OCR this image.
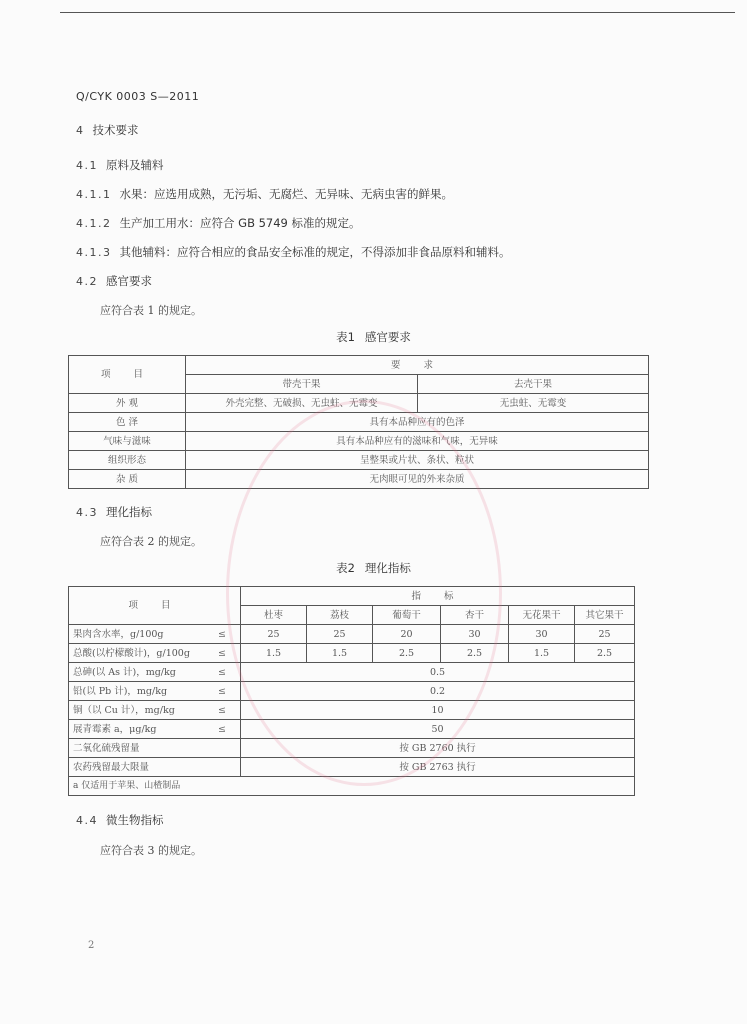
Q/CYK 0003 S—2011
4 技术要求
4.1 原料及辅料
4.1.1 水果：应选用成熟，无污垢、无腐烂、无异味、无病虫害的鲜果。
4.1.2 生产加工用水：应符合 GB 5749 标准的规定。
4.1.3 其他辅料：应符合相应的食品安全标准的规定，不得添加非食品原料和辅料。
4.2 感官要求
应符合表 1 的规定。
表1 感官要求
项 目	要 求	
	带壳干果	去壳干果
外 观	外壳完整、无破损、无虫蛀、无霉变	无虫蛀、无霉变
色 泽	具有本品种应有的色泽	
气味与滋味	具有本品种应有的滋味和气味，无异味	
组织形态	呈整果或片状、条状、粒状	
杂 质	无肉眼可见的外来杂质	
4.3 理化指标
应符合表 2 的规定。
表2 理化指标
项 目	指 标					
	杜枣	荔枝	葡萄干	杏干	无花果干	其它果干
果肉含水率，g/100g ≤	25	25	20	30	30	25
总酸(以柠檬酸计)，g/100g ≤	1.5	1.5	2.5	2.5	1.5	2.5
总砷(以 As 计)，mg/kg ≤	0.5					
铅(以 Pb 计)，mg/kg ≤	0.2					
铜（以 Cu 计），mg/kg ≤	10					
展青霉素 a，μg/kg ≤	50					
二氧化硫残留量	按 GB 2760 执行					
农药残留最大限量	按 GB 2763 执行					
a 仅适用于苹果、山楂制品						
4.4 微生物指标
应符合表 3 的规定。
2
